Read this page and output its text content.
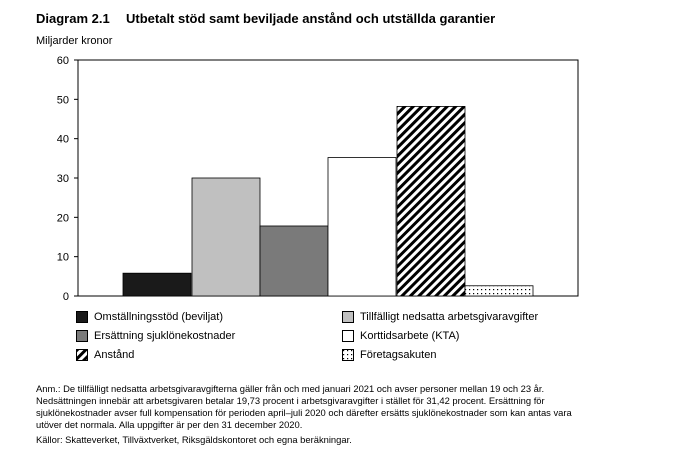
Diagram 2.1 Utbetalt stöd samt beviljade anstånd och utställda garantier
Miljarder kronor
0
10
20
30
40
50
60
Omställningsstöd (beviljat)	Tillfälligt nedsatta arbetsgivaravgifter
Ersättning sjuklönekostnader	Korttidsarbete (KTA)
Anstånd	Företagsakuten
Anm.: De tillfälligt nedsatta arbetsgivaravgifterna gäller från och med januari 2021 och avser personer mellan 19 och 23 år. Nedsättningen innebär att arbetsgivaren betalar 19,73 procent i arbetsgivaravgifter i stället för 31,42 procent. Ersättning för sjuklönekostnader avser full kompensation för perioden april–juli 2020 och därefter ersätts sjuklönekostnader som kan antas vara utöver det normala. Alla uppgifter är per den 31 december 2020.
Källor: Skatteverket, Tillväxtverket, Riksgäldskontoret och egna beräkningar.
